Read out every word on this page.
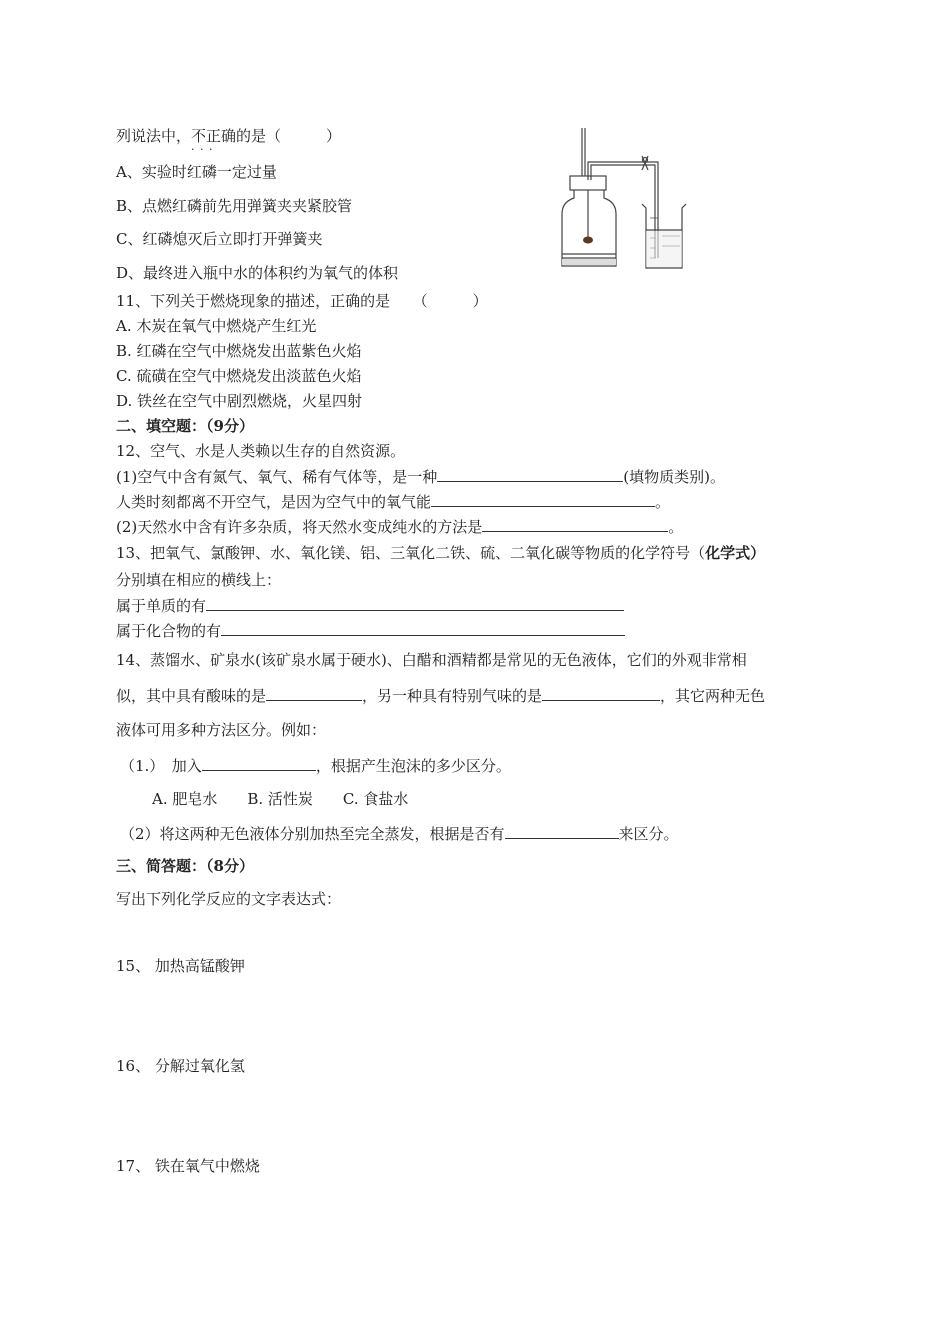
列说法中，不正确 · · ·的是（　　　）
A、实验时红磷一定过量
B、点燃红磷前先用弹簧夹夹紧胶管
C、红磷熄灭后立即打开弹簧夹
D、最终进入瓶中水的体积约为氧气的体积
11、下列关于燃烧现象的描述，正确的是　　（　　　）
A. 木炭在氧气中燃烧产生红光
B. 红磷在空气中燃烧发出蓝紫色火焰
C. 硫磺在空气中燃烧发出淡蓝色火焰
D. 铁丝在空气中剧烈燃烧，火星四射
二、填空题：（9分）
12、空气、水是人类赖以生存的自然资源。
(1)空气中含有氮气、氧气、稀有气体等，是一种	(填物质类别)。
人类时刻都离不开空气，是因为空气中的氧气能	。
(2)天然水中含有许多杂质，将天然水变成纯水的方法是	。
13、把氧气、氯酸钾、水、氧化镁、铝、三氧化二铁、硫、二氧化碳等物质的化学符号（化学式）
分别填在相应的横线上：
属于单质的有
属于化合物的有
14、蒸馏水、矿泉水(该矿泉水属于硬水)、白醋和酒精都是常见的无色液体，它们的外观非常相
似，其中具有酸味的是	，另一种具有特别气味的是	，其它两种无色
液体可用多种方法区分。例如：
（1.）　加入	，根据产生泡沫的多少区分。
A. 肥皂水　　B. 活性炭　　C. 食盐水
（2）将这两种无色液体分别加热至完全蒸发，根据是否有	来区分。
三、简答题：（8分）
写出下列化学反应的文字表达式：
15、 加热高锰酸钾
16、 分解过氧化氢
17、 铁在氧气中燃烧
